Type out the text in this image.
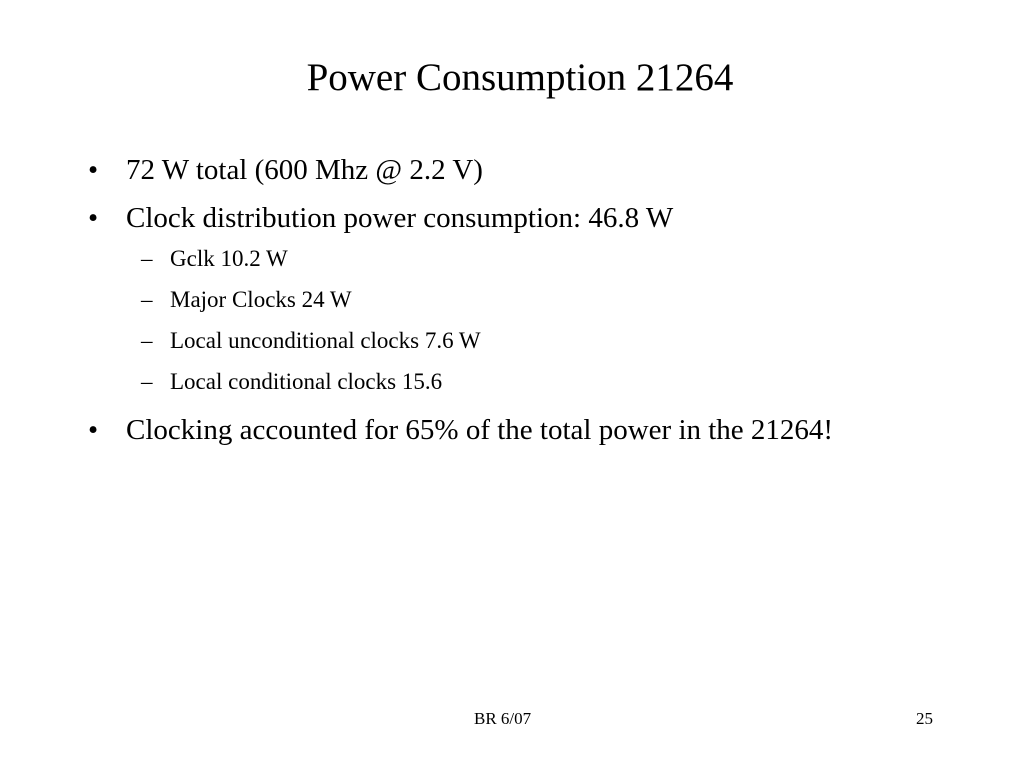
Power Consumption 21264
• 72 W total (600 Mhz @ 2.2 V)
• Clock distribution power consumption: 46.8 W
– Gclk 10.2 W
– Major Clocks 24 W
– Local unconditional clocks 7.6 W
– Local conditional clocks 15.6
• Clocking accounted for 65% of the total power in the 21264!
BR 6/07	25
